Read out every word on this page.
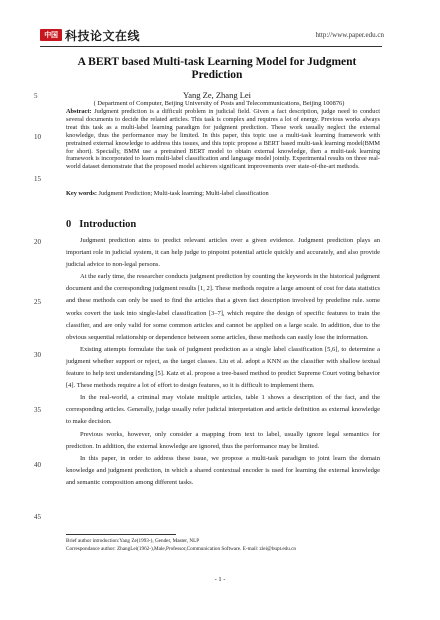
中国 科技论文在线	http://www.paper.edu.cn
A BERT based Multi-task Learning Model for Judgment Prediction
Yang Ze, Zhang Lei
( Department of Computer, Beijing University of Posts and Telecommunications, Beijing 100876)
Abstract: Judgment prediction is a difficult problem in judicial field. Given a fact description, judge need to conduct several documents to decide the related articles. This task is complex and requires a lot of energy. Previous works always treat this task as a multi-label learning paradigm for judgment prediction. These work usually neglect the external knowledge, thus the performance may be limited. In this paper, this topic use a multi-task learning framework with pretrained external knowledge to address this issues, and this topic propose a BERT based multi-task learning model(BMM for short). Specially, BMM use a pretrained BERT model to obtain external knowledge, then a multi-task learning framework is incorporated to learn multi-label classification and language model jointly. Experimental results on three real-world dataset demonstrate that the proposed model achieves significant improvements over state-of-the-art methods.
Key words: Judgment Prediction; Multi-task learning; Multi-label classification
5
10
15
20
25
30
35
40
45
0 Introduction

Judgment prediction aims to predict relevant articles over a given evidence. Judgment prediction plays an important role in judicial system, it can help judge to pinpoint potential article quickly and accurately, and also provide judicial advice to non-legal persons.

At the early time, the researcher conducts judgment prediction by counting the keywords in the historical judgment document and the corresponding judgment results [1, 2]. These methods require a large amount of cost for data statistics and these methods can only be used to find the articles that a given fact description involved by predefine rule. some works covert the task into single-label classification [3–7], which require the design of specific features to train the classifier, and are only valid for some common articles and cannot be applied on a large scale. In addition, due to the obvious sequential relationship or dependence between some articles, these methods can easily lose the information.

Existing attempts formulate the task of judgment prediction as a single label classification [5,6], to determine a judgment whether support or reject, as the target classes. Liu et al. adopt a KNN as the classifier with shallow textual feature to help text understanding [5]. Katz et al. propose a tree-based method to predict Supreme Court voting behavior [4]. These methods require a lot of effort to design features, so it is difficult to implement them.

In the real-world, a criminal may violate multiple articles, table 1 shows a description of the fact, and the corresponding articles. Generally, judge usually refer judicial interpretation and article definition as external knowledge to make decision.

Previous works, however, only consider a mapping from text to label, usually ignore legal semantics for prediction. In addition, the external knowledge are ignored, thus the performance may be limited.

In this paper, in order to address these issue, we propose a multi-task paradigm to joint learn the domain knowledge and judgment prediction, in which a shared contextual encoder is used for learning the external knowledge and semantic composition among different tasks.

Brief author introduction:Yang Ze(1993-), Gender, Master, NLP
Correspondance author: ZhangLei(1962-),Male,Professor,Communication Software. E-mail: zlei@bupt.edu.cn
- 1 -
